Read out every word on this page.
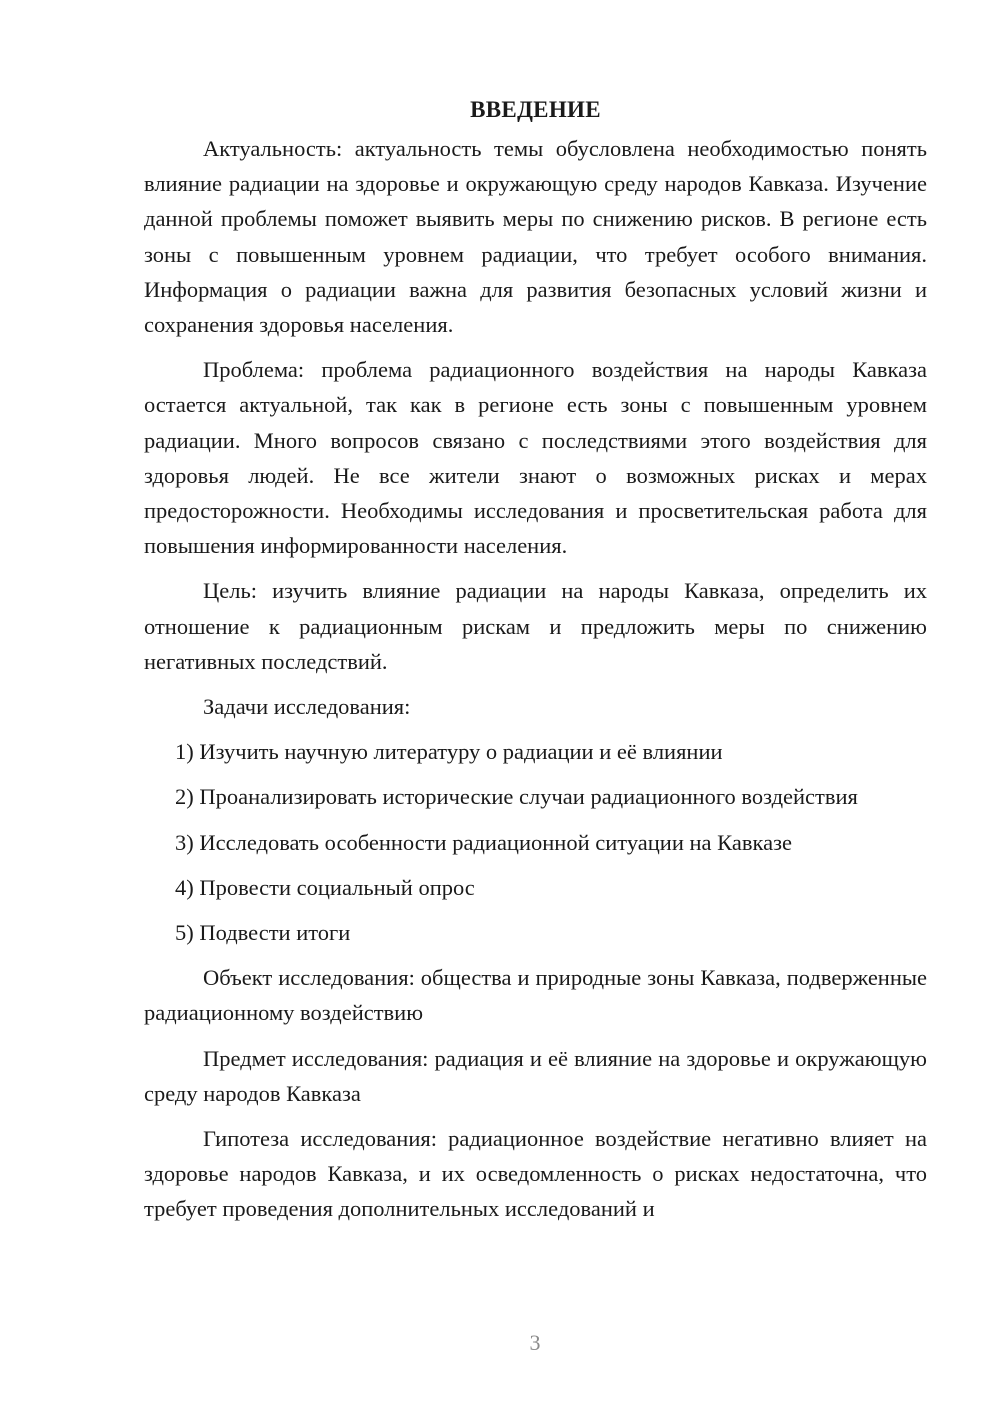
ВВЕДЕНИЕ

Актуальность: актуальность темы обусловлена необходимостью понять влияние радиации на здоровье и окружающую среду народов Кавказа. Изучение данной проблемы поможет выявить меры по снижению рисков. В регионе есть зоны с повышенным уровнем радиации, что требует особого внимания. Информация о радиации важна для развития безопасных условий жизни и сохранения здоровья населения.

Проблема: проблема радиационного воздействия на народы Кавказа остается актуальной, так как в регионе есть зоны с повышенным уровнем радиации. Много вопросов связано с последствиями этого воздействия для здоровья людей. Не все жители знают о возможных рисках и мерах предосторожности. Необходимы исследования и просветительская работа для повышения информированности населения.

Цель: изучить влияние радиации на народы Кавказа, определить их отношение к радиационным рискам и предложить меры по снижению негативных последствий.

Задачи исследования:

1) Изучить научную литературу о радиации и её влиянии

2) Проанализировать исторические случаи радиационного воздействия

3) Исследовать особенности радиационной ситуации на Кавказе

4) Провести социальный опрос

5) Подвести итоги

Объект исследования: общества и природные зоны Кавказа, подверженные радиационному воздействию

Предмет исследования: радиация и её влияние на здоровье и окружающую среду народов Кавказа

Гипотеза исследования: радиационное воздействие негативно влияет на здоровье народов Кавказа, и их осведомленность о рисках недостаточна, что требует проведения дополнительных исследований и

3
